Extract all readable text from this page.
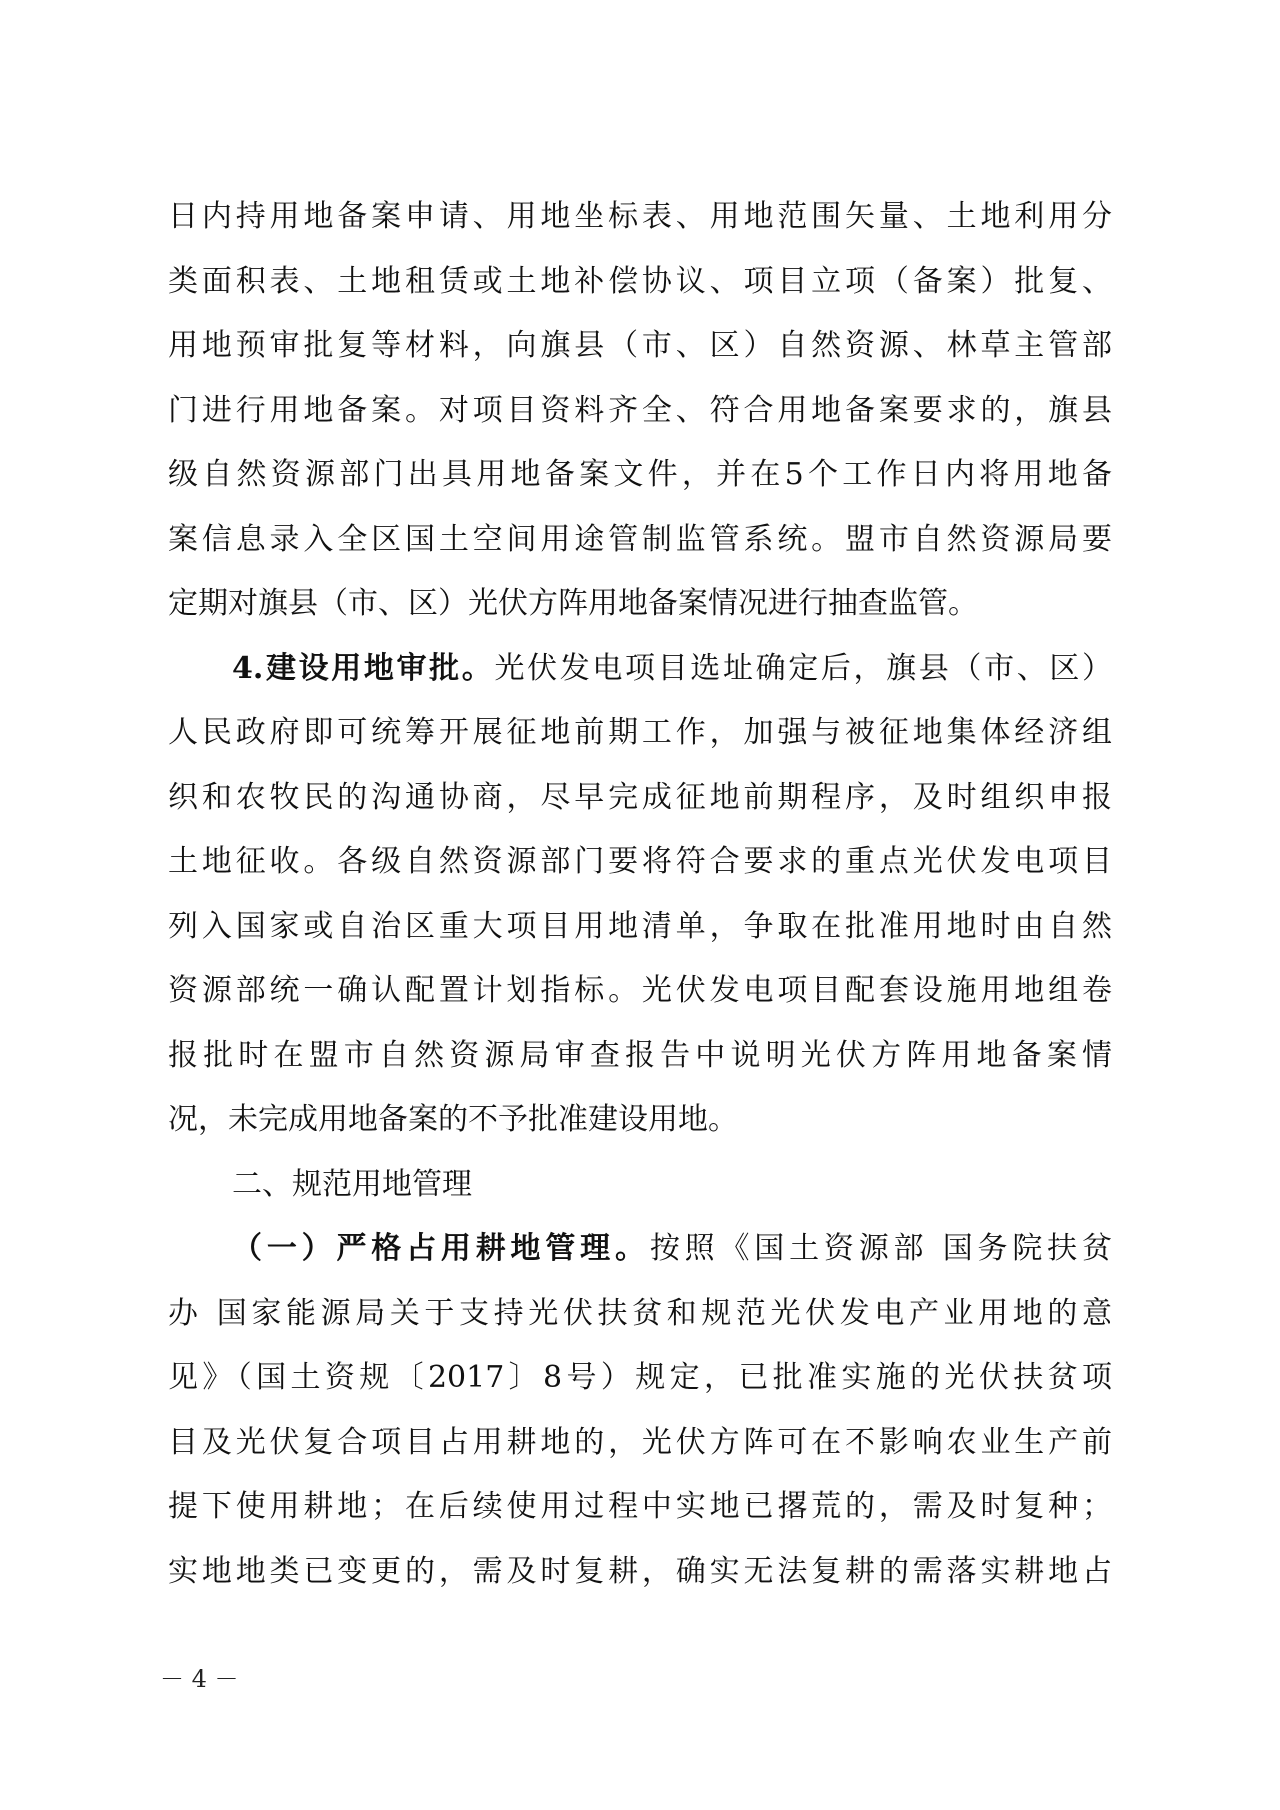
日内持用地备案申请、用地坐标表、用地范围矢量、土地利用分
类面积表、土地租赁或土地补偿协议、项目立项（备案）批复、
用地预审批复等材料，向旗县（市、区）自然资源、林草主管部
门进行用地备案。对项目资料齐全、符合用地备案要求的，旗县
级自然资源部门出具用地备案文件，并在5个工作日内将用地备
案信息录入全区国土空间用途管制监管系统。盟市自然资源局要
定期对旗县（市、区）光伏方阵用地备案情况进行抽查监管。
4.建设用地审批。光伏发电项目选址确定后，旗县（市、区）
人民政府即可统筹开展征地前期工作，加强与被征地集体经济组
织和农牧民的沟通协商，尽早完成征地前期程序，及时组织申报
土地征收。各级自然资源部门要将符合要求的重点光伏发电项目
列入国家或自治区重大项目用地清单，争取在批准用地时由自然
资源部统一确认配置计划指标。光伏发电项目配套设施用地组卷
报批时在盟市自然资源局审查报告中说明光伏方阵用地备案情
况，未完成用地备案的不予批准建设用地。
二、规范用地管理
（一）严格占用耕地管理。按照《国土资源部 国务院扶贫
办 国家能源局关于支持光伏扶贫和规范光伏发电产业用地的意
见》（国土资规〔2017〕8号）规定，已批准实施的光伏扶贫项
目及光伏复合项目占用耕地的，光伏方阵可在不影响农业生产前
提下使用耕地；在后续使用过程中实地已撂荒的，需及时复种；
实地地类已变更的，需及时复耕，确实无法复耕的需落实耕地占
－ 4 －
